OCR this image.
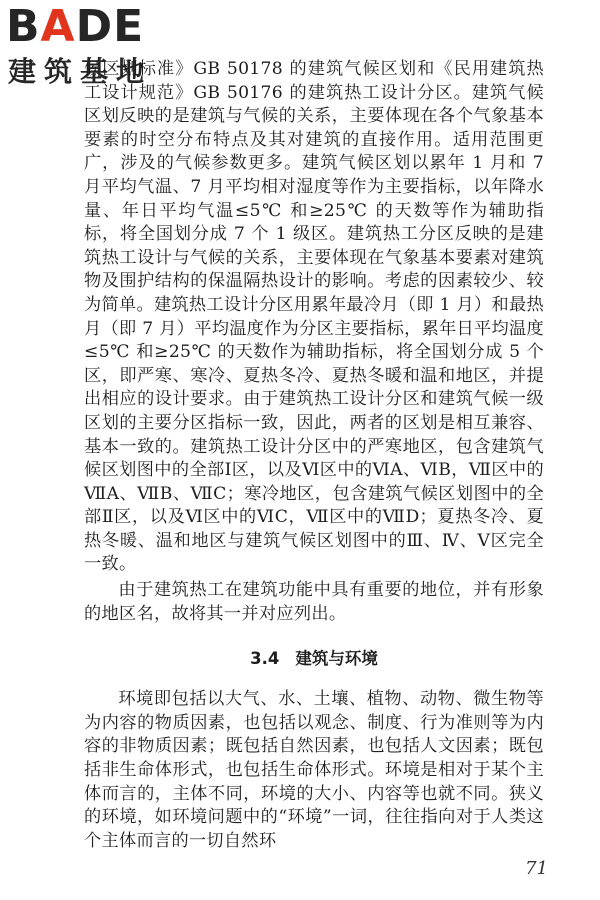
BADE
建筑基地

候区划标准》GB 50178 的建筑气候区划和《民用建筑热工设计规范》GB 50176 的建筑热工设计分区。建筑气候区划反映的是建筑与气候的关系，主要体现在各个气象基本要素的时空分布特点及其对建筑的直接作用。适用范围更广，涉及的气候参数更多。建筑气候区划以累年 1 月和 7 月平均气温、7 月平均相对湿度等作为主要指标，以年降水量、年日平均气温≤5℃ 和≥25℃ 的天数等作为辅助指标，将全国划分成 7 个 1 级区。建筑热工分区反映的是建筑热工设计与气候的关系，主要体现在气象基本要素对建筑物及围护结构的保温隔热设计的影响。考虑的因素较少、较为简单。建筑热工设计分区用累年最冷月（即 1 月）和最热月（即 7 月）平均温度作为分区主要指标，累年日平均温度≤5℃ 和≥25℃ 的天数作为辅助指标，将全国划分成 5 个区，即严寒、寒冷、夏热冬冷、夏热冬暖和温和地区，并提出相应的设计要求。由于建筑热工设计分区和建筑气候一级区划的主要分区指标一致，因此，两者的区划是相互兼容、基本一致的。建筑热工设计分区中的严寒地区，包含建筑气候区划图中的全部Ⅰ区，以及Ⅵ区中的ⅥA、ⅥB，Ⅶ区中的ⅦA、ⅦB、ⅦC；寒冷地区，包含建筑气候区划图中的全部Ⅱ区，以及Ⅵ区中的ⅥC，Ⅶ区中的ⅦD；夏热冬冷、夏热冬暖、温和地区与建筑气候区划图中的Ⅲ、Ⅳ、Ⅴ区完全一致。

由于建筑热工在建筑功能中具有重要的地位，并有形象的地区名，故将其一并对应列出。

3.4 建筑与环境

环境即包括以大气、水、土壤、植物、动物、微生物等为内容的物质因素，也包括以观念、制度、行为准则等为内容的非物质因素；既包括自然因素，也包括人文因素；既包括非生命体形式，也包括生命体形式。环境是相对于某个主体而言的，主体不同，环境的大小、内容等也就不同。狭义的环境，如环境问题中的“环境”一词，往往指向对于人类这个主体而言的一切自然环

71
